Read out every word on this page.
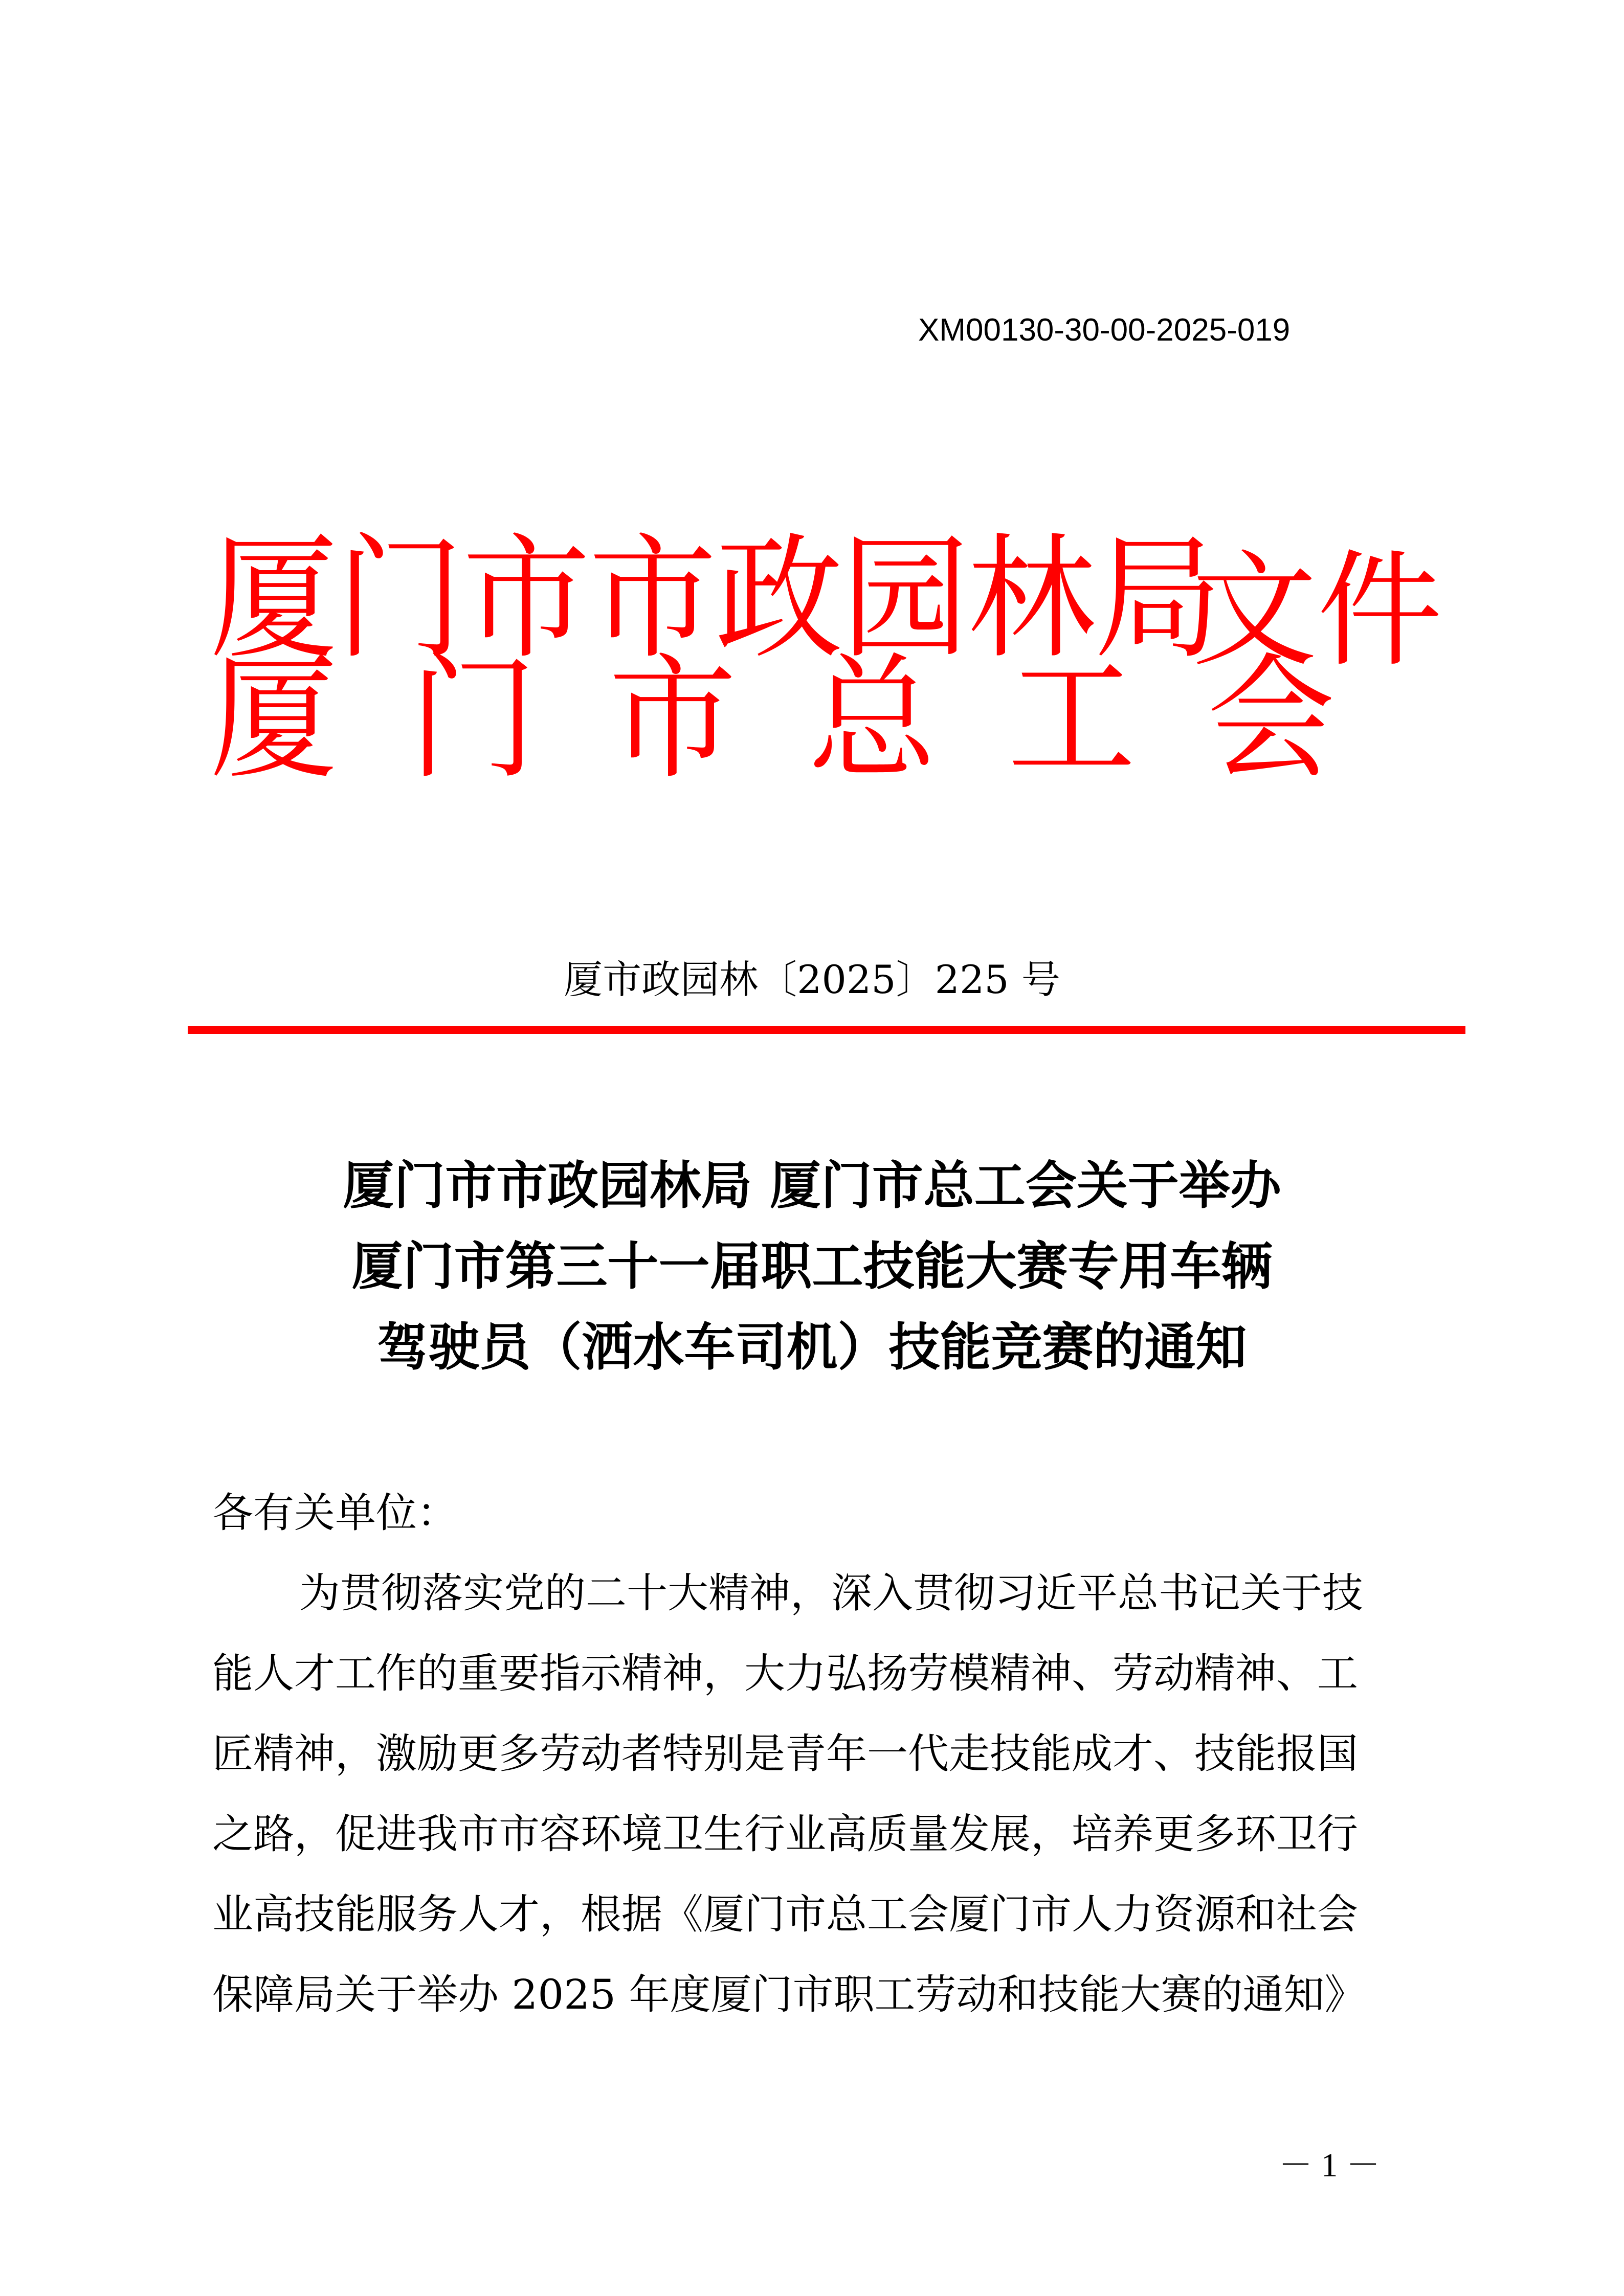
XM00130-30-00-2025-019
厦门市市政园林局
厦门市总工会
文件
厦市政园林〔2025〕225 号
厦门市市政园林局 厦门市总工会关于举办
厦门市第三十一届职工技能大赛专用车辆
驾驶员（洒水车司机）技能竞赛的通知
各有关单位：
为贯彻落实党的二十大精神，深入贯彻习近平总书记关于技
能人才工作的重要指示精神，大力弘扬劳模精神、劳动精神、工
匠精神，激励更多劳动者特别是青年一代走技能成才、技能报国
之路，促进我市市容环境卫生行业高质量发展，培养更多环卫行
业高技能服务人才，根据《厦门市总工会厦门市人力资源和社会
保障局关于举办 2025 年度厦门市职工劳动和技能大赛的通知》
－ 1 －
